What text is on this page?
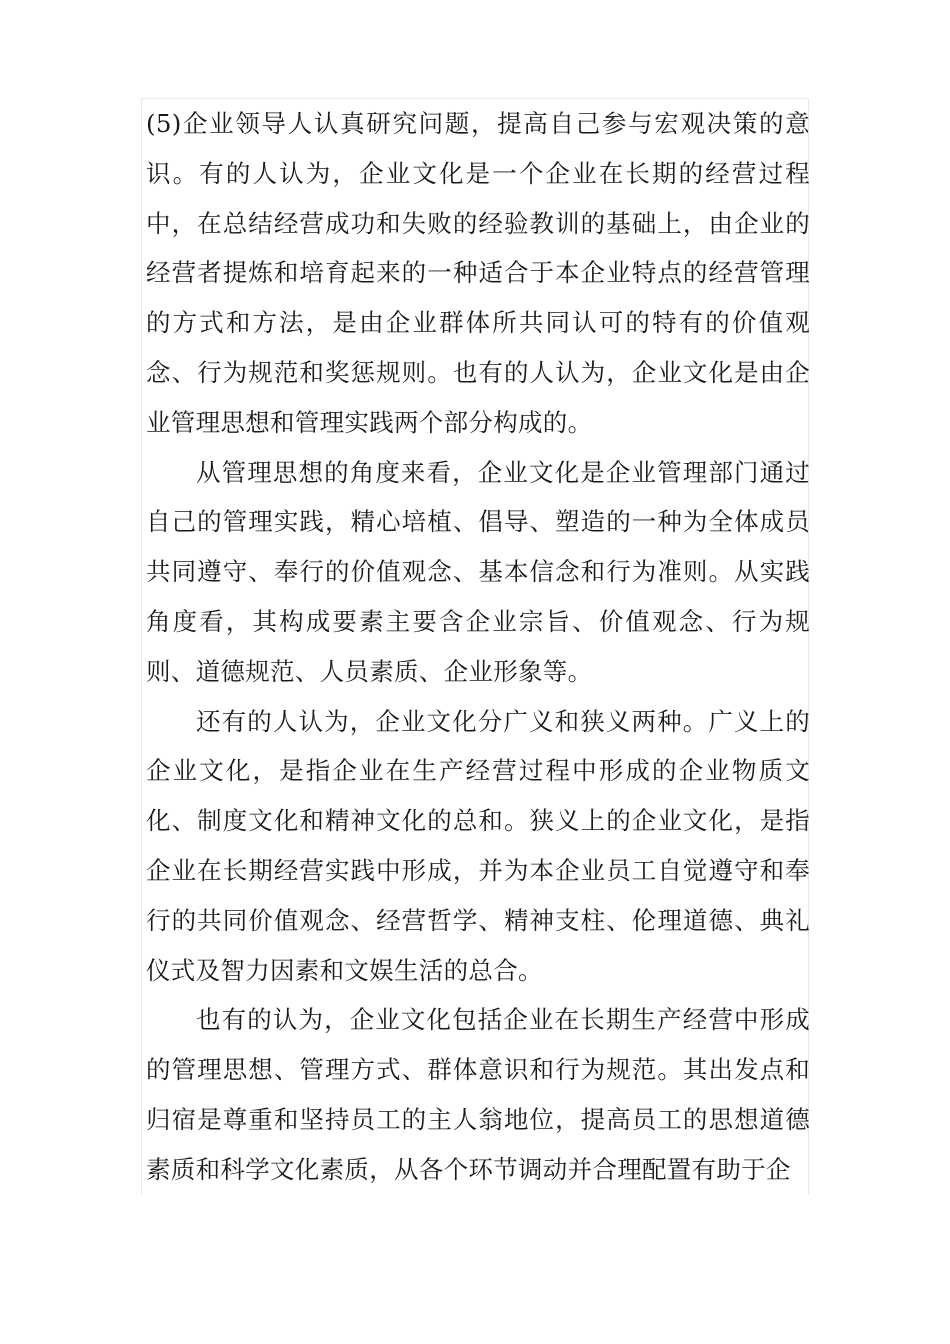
(5)企业领导人认真研究问题，提高自己参与宏观决策的意识。有的人认为，企业文化是一个企业在长期的经营过程中，在总结经营成功和失败的经验教训的基础上，由企业的经营者提炼和培育起来的一种适合于本企业特点的经营管理的方式和方法，是由企业群体所共同认可的特有的价值观念、行为规范和奖惩规则。也有的人认为，企业文化是由企业管理思想和管理实践两个部分构成的。

从管理思想的角度来看，企业文化是企业管理部门通过自己的管理实践，精心培植、倡导、塑造的一种为全体成员共同遵守、奉行的价值观念、基本信念和行为准则。从实践角度看，其构成要素主要含企业宗旨、价值观念、行为规则、道德规范、人员素质、企业形象等。

还有的人认为，企业文化分广义和狭义两种。广义上的企业文化，是指企业在生产经营过程中形成的企业物质文化、制度文化和精神文化的总和。狭义上的企业文化，是指企业在长期经营实践中形成，并为本企业员工自觉遵守和奉行的共同价值观念、经营哲学、精神支柱、伦理道德、典礼仪式及智力因素和文娱生活的总合。

也有的认为，企业文化包括企业在长期生产经营中形成的管理思想、管理方式、群体意识和行为规范。其出发点和归宿是尊重和坚持员工的主人翁地位，提高员工的思想道德素质和科学文化素质，从各个环节调动并合理配置有助于企
